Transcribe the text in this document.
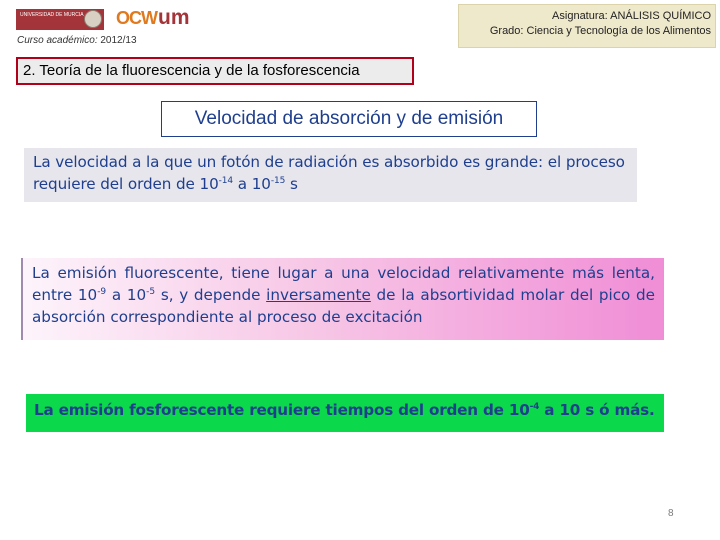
UNIVERSIDAD DE MURCIA	OCW um
Curso académico: 2012/13
Asignatura: ANÁLISIS QUÍMICO
Grado: Ciencia y Tecnología de los Alimentos
2. Teoría de la fluorescencia y de la fosforescencia
Velocidad de absorción y de emisión
La velocidad a la que un fotón de radiación es absorbido es grande: el proceso requiere del orden de $10^{-14}$ a $10^{-15}$ s
La emisión fluorescente, tiene lugar a una velocidad relativamente más lenta, entre $10^{-9}$ a $10^{-5}$ s, y depende inversamente de la absortividad molar del pico de absorción correspondiente al proceso de excitación
La emisión fosforescente requiere tiempos del orden de $10^{-4}$ a 10 s ó más.
8
